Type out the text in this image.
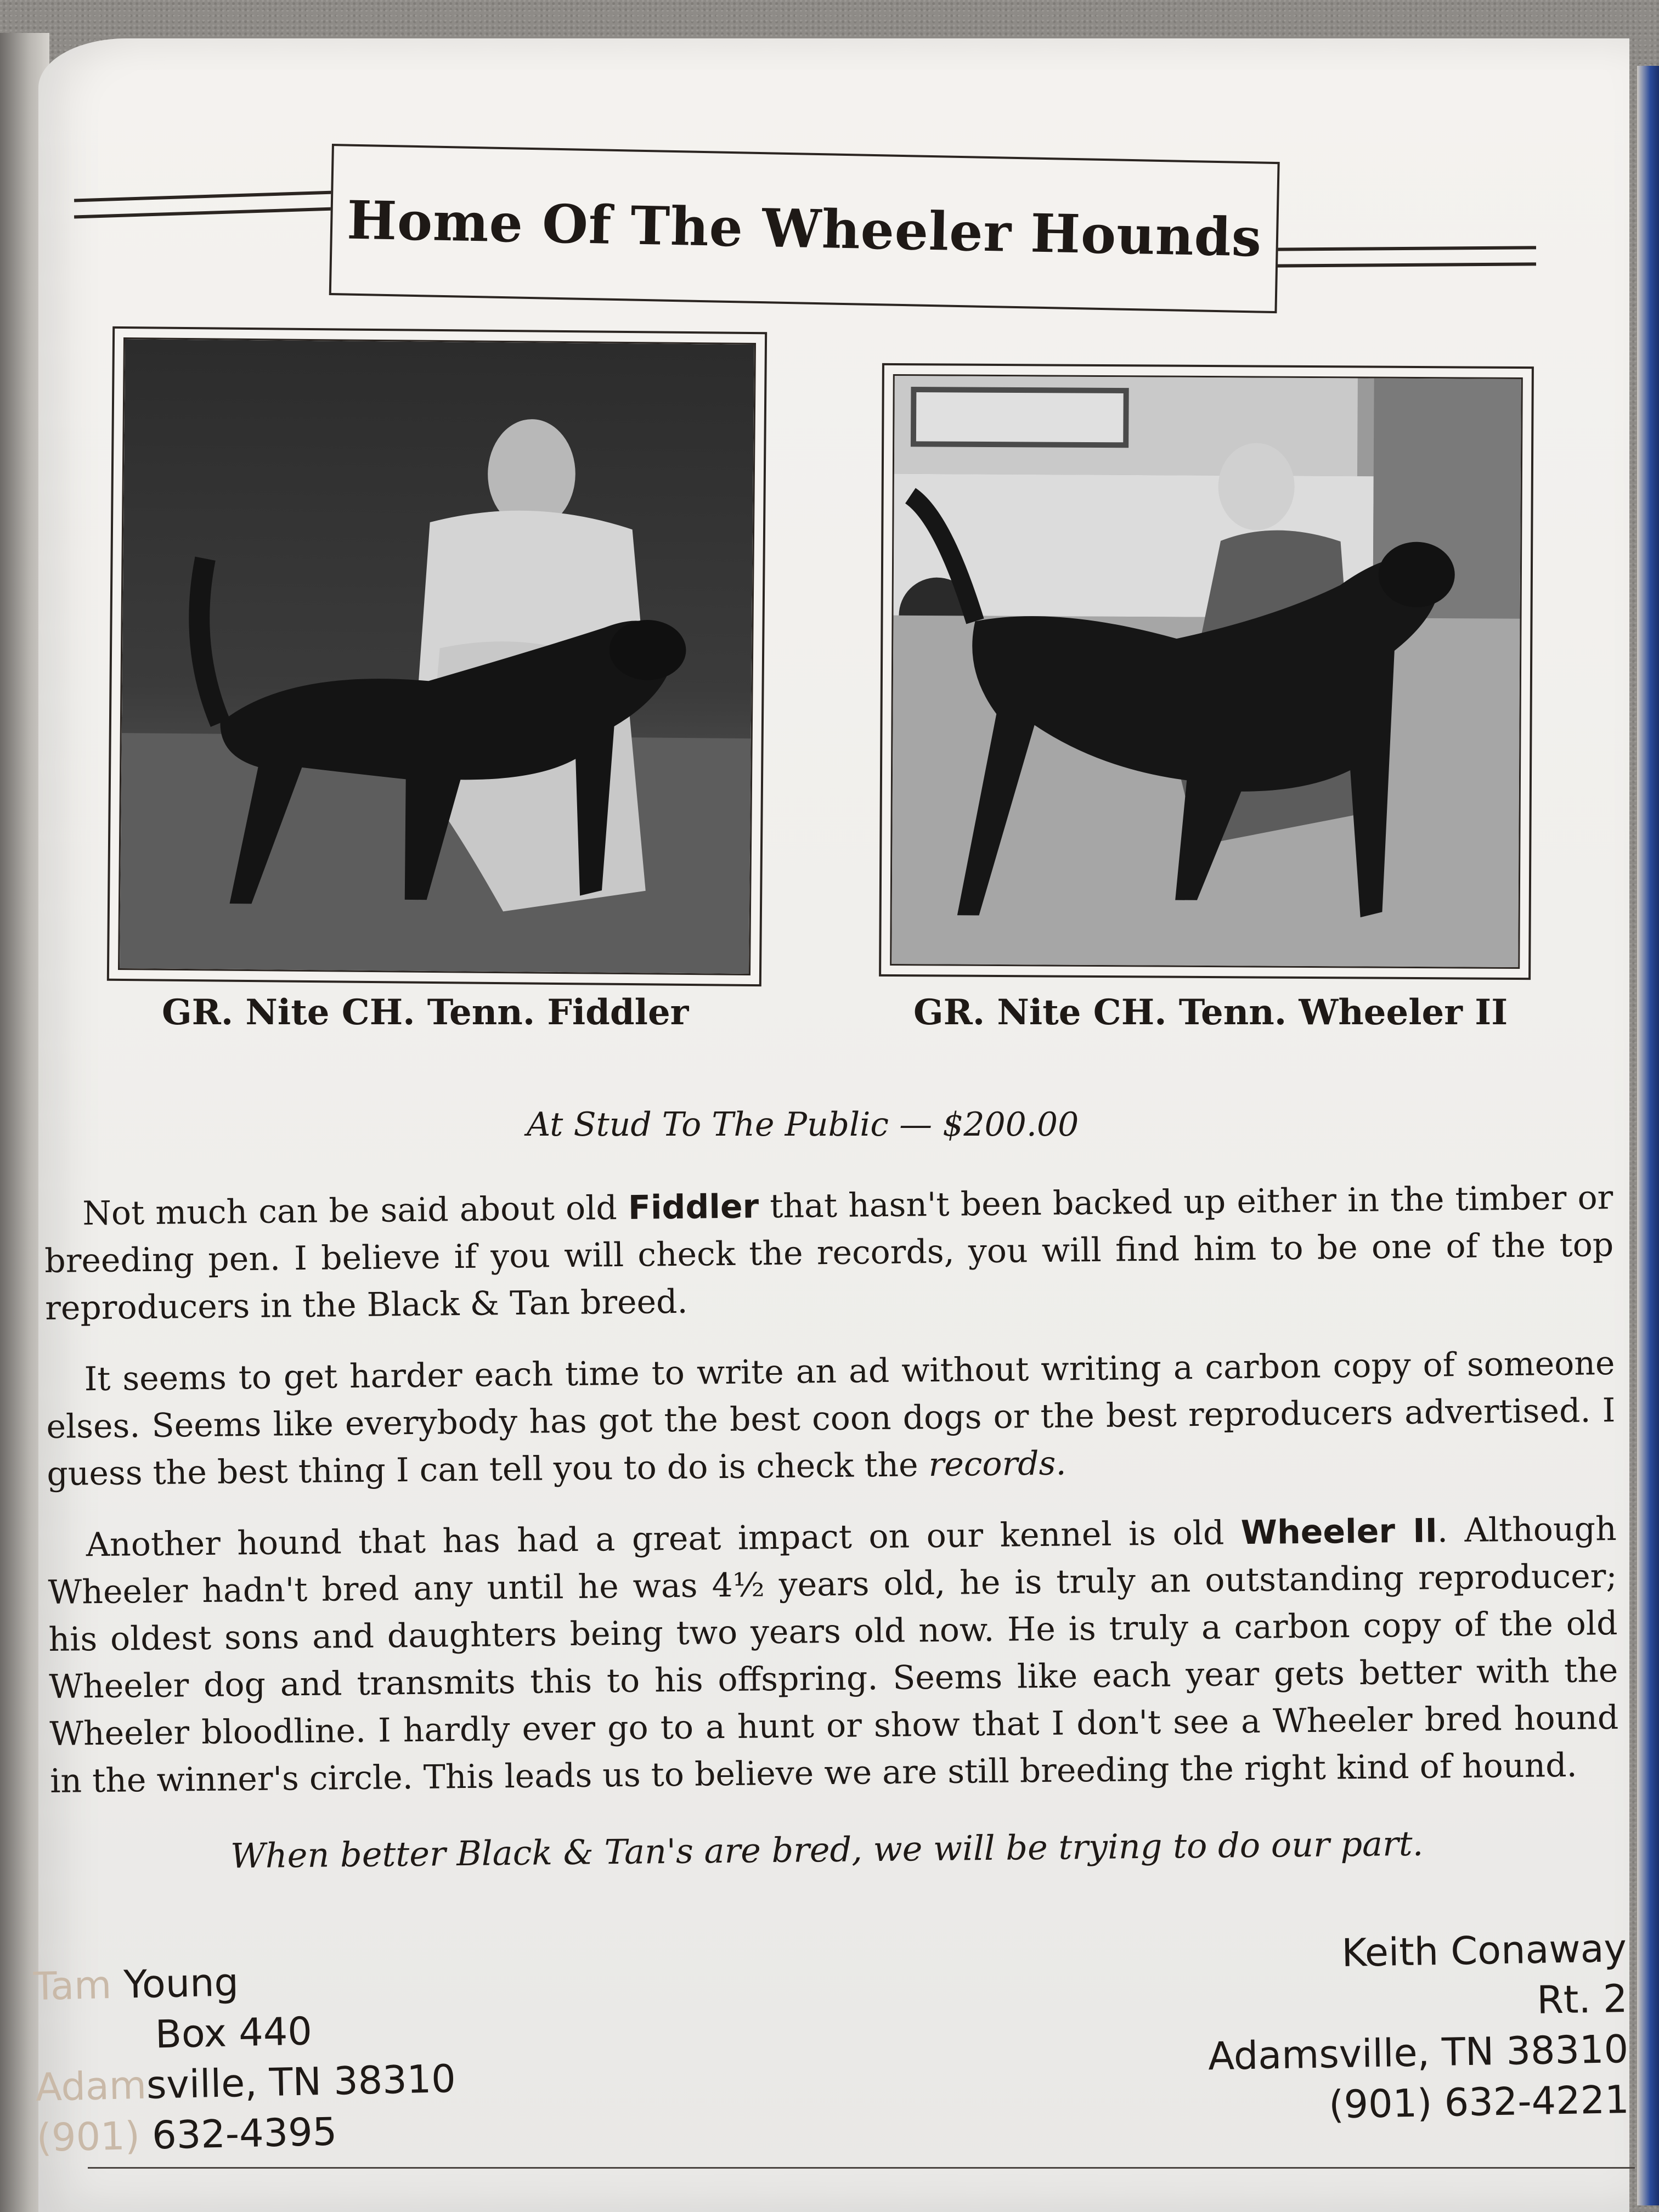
Home Of The Wheeler Hounds
GR. Nite CH. Tenn. Fiddler	GR. Nite CH. Tenn. Wheeler II
At Stud To The Public — $200.00

Not much can be said about old Fiddler that hasn't been backed up either in the timber or breeding pen. I believe if you will check the records, you will find him to be one of the top reproducers in the Black & Tan breed.

It seems to get harder each time to write an ad without writing a carbon copy of someone elses. Seems like everybody has got the best coon dogs or the best reproducers advertised. I guess the best thing I can tell you to do is check the records.

Another hound that has had a great impact on our kennel is old Wheeler II. Although Wheeler hadn't bred any until he was 4½ years old, he is truly an outstanding reproducer; his oldest sons and daughters being two years old now. He is truly a carbon copy of the old Wheeler dog and transmits this to his offspring. Seems like each year gets better with the Wheeler bloodline. I hardly ever go to a hunt or show that I don't see a Wheeler bred hound in the winner's circle. This leads us to believe we are still breeding the right kind of hound.

When better Black & Tan's are bred, we will be trying to do our part.
Tam Young
Box 440
Adamsville, TN 38310
(901) 632-4395
Keith Conaway
Rt. 2
Adamsville, TN 38310
(901) 632-4221
